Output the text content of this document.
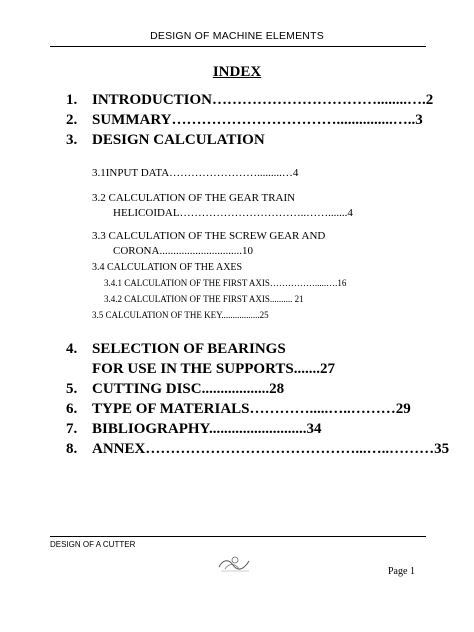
DESIGN OF MACHINE ELEMENTS
INDEX
1. INTRODUCTION……………………………........….2
2. SUMMARY……………………………...............…..3
3. DESIGN CALCULATION
3.1INPUT DATA…………………….........…4
3.2 CALCULATION OF THE GEAR TRAIN
HELICOIDAL……………………………..…….......4
3.3 CALCULATION OF THE SCREW GEAR AND
CORONA..............................10
3.4 CALCULATION OF THE AXES
3.4.1 CALCULATION OF THE FIRST AXIS…………….....….16
3.4.2 CALCULATION OF THE FIRST AXIS.......... 21
3.5 CALCULATION OF THE KEY.................25
4. SELECTION OF BEARINGS
FOR USE IN THE SUPPORTS.......27
5. CUTTING DISC..................28
6. TYPE OF MATERIALS………….....…..………29
7. BIBLIOGRAPHY..........................34
8. ANNEX……………………………………...…..………35
DESIGN OF A CUTTER
Page 1
